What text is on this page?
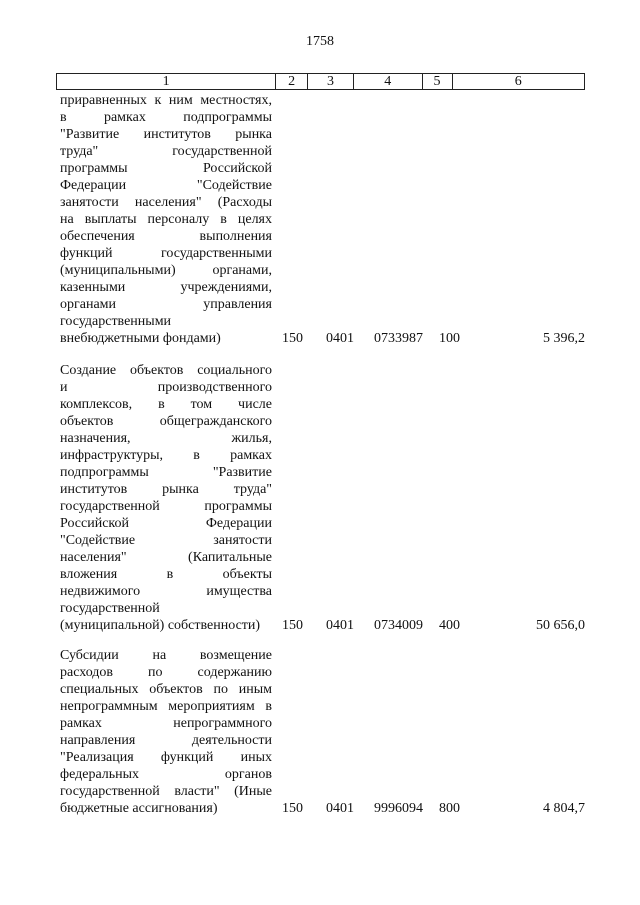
1758
1	2	3	4	5	6
приравненных к ним местностях,
в рамках подпрограммы
"Развитие институтов рынка
труда" государственной
программы Российской
Федерации "Содействие
занятости населения" (Расходы
на выплаты персоналу в целях
обеспечения выполнения
функций государственными
(муниципальными) органами,
казенными учреждениями,
органами управления
государственными
внебюджетными фондами)	150 0401 0733987 100	5 396,2
Создание объектов социального
и производственного
комплексов, в том числе
объектов общегражданского
назначения, жилья,
инфраструктуры, в рамках
подпрограммы "Развитие
институтов рынка труда"
государственной программы
Российской Федерации
"Содействие занятости
населения" (Капитальные
вложения в объекты
недвижимого имущества
государственной
(муниципальной) собственности)	150 0401 0734009 400	50 656,0
Субсидии на возмещение
расходов по содержанию
специальных объектов по иным
непрограммным мероприятиям в
рамках непрограммного
направления деятельности
"Реализация функций иных
федеральных органов
государственной власти" (Иные
бюджетные ассигнования)	150 0401 9996094 800	4 804,7
